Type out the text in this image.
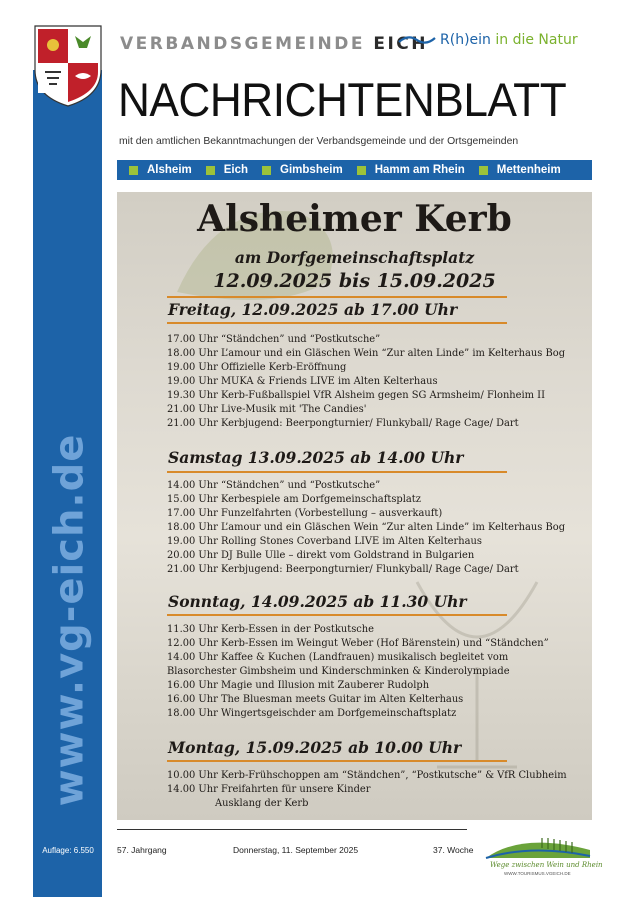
www.vg-eich.de
Auflage: 6.550
VERBANDSGEMEINDE EICH R(h)ein in die Natur
NACHRICHTENBLATT
mit den amtlichen Bekanntmachungen der Verbandsgemeinde und der Ortsgemeinden
Alsheim	Eich	Gimbsheim	Hamm am Rhein	Mettenheim
Alsheimer Kerb
am Dorfgemeinschaftsplatz
12.09.2025 bis 15.09.2025
Freitag, 12.09.2025 ab 17.00 Uhr
17.00 Uhr “Ständchen” und “Postkutsche”
18.00 Uhr L’amour und ein Gläschen Wein “Zur alten Linde” im Kelterhaus Bog
19.00 Uhr Offizielle Kerb-Eröffnung
19.00 Uhr MUKA & Friends LIVE im Alten Kelterhaus
19.30 Uhr Kerb-Fußballspiel VfR Alsheim gegen SG Armsheim/ Flonheim II
21.00 Uhr Live-Musik mit 'The Candies'
21.00 Uhr Kerbjugend: Beerpongturnier/ Flunkyball/ Rage Cage/ Dart
Samstag 13.09.2025 ab 14.00 Uhr
14.00 Uhr “Ständchen” und “Postkutsche”
15.00 Uhr Kerbespiele am Dorfgemeinschaftsplatz
17.00 Uhr Funzelfahrten (Vorbestellung – ausverkauft)
18.00 Uhr L’amour und ein Gläschen Wein “Zur alten Linde” im Kelterhaus Bog
19.00 Uhr Rolling Stones Coverband LIVE im Alten Kelterhaus
20.00 Uhr DJ Bulle Ulle – direkt vom Goldstrand in Bulgarien
21.00 Uhr Kerbjugend: Beerpongturnier/ Flunkyball/ Rage Cage/ Dart
Sonntag, 14.09.2025 ab 11.30 Uhr
11.30 Uhr Kerb-Essen in der Postkutsche
12.00 Uhr Kerb-Essen im Weingut Weber (Hof Bärenstein) und “Ständchen”
14.00 Uhr Kaffee & Kuchen (Landfrauen) musikalisch begleitet vom
Blasorchester Gimbsheim und Kinderschminken & Kinderolympiade
16.00 Uhr Magie und Illusion mit Zauberer Rudolph
16.00 Uhr The Bluesman meets Guitar im Alten Kelterhaus
18.00 Uhr Wingertsgeischder am Dorfgemeinschaftsplatz
Montag, 15.09.2025 ab 10.00 Uhr
10.00 Uhr Kerb-Frühschoppen am “Ständchen”, “Postkutsche” & VfR Clubheim
14.00 Uhr Freifahrten für unsere Kinder
Ausklang der Kerb
57. Jahrgang	Donnerstag, 11. September 2025	37. Woche
Wege zwischen Wein und Rhein
WWW.TOURISMUS.VGEICH.DE
